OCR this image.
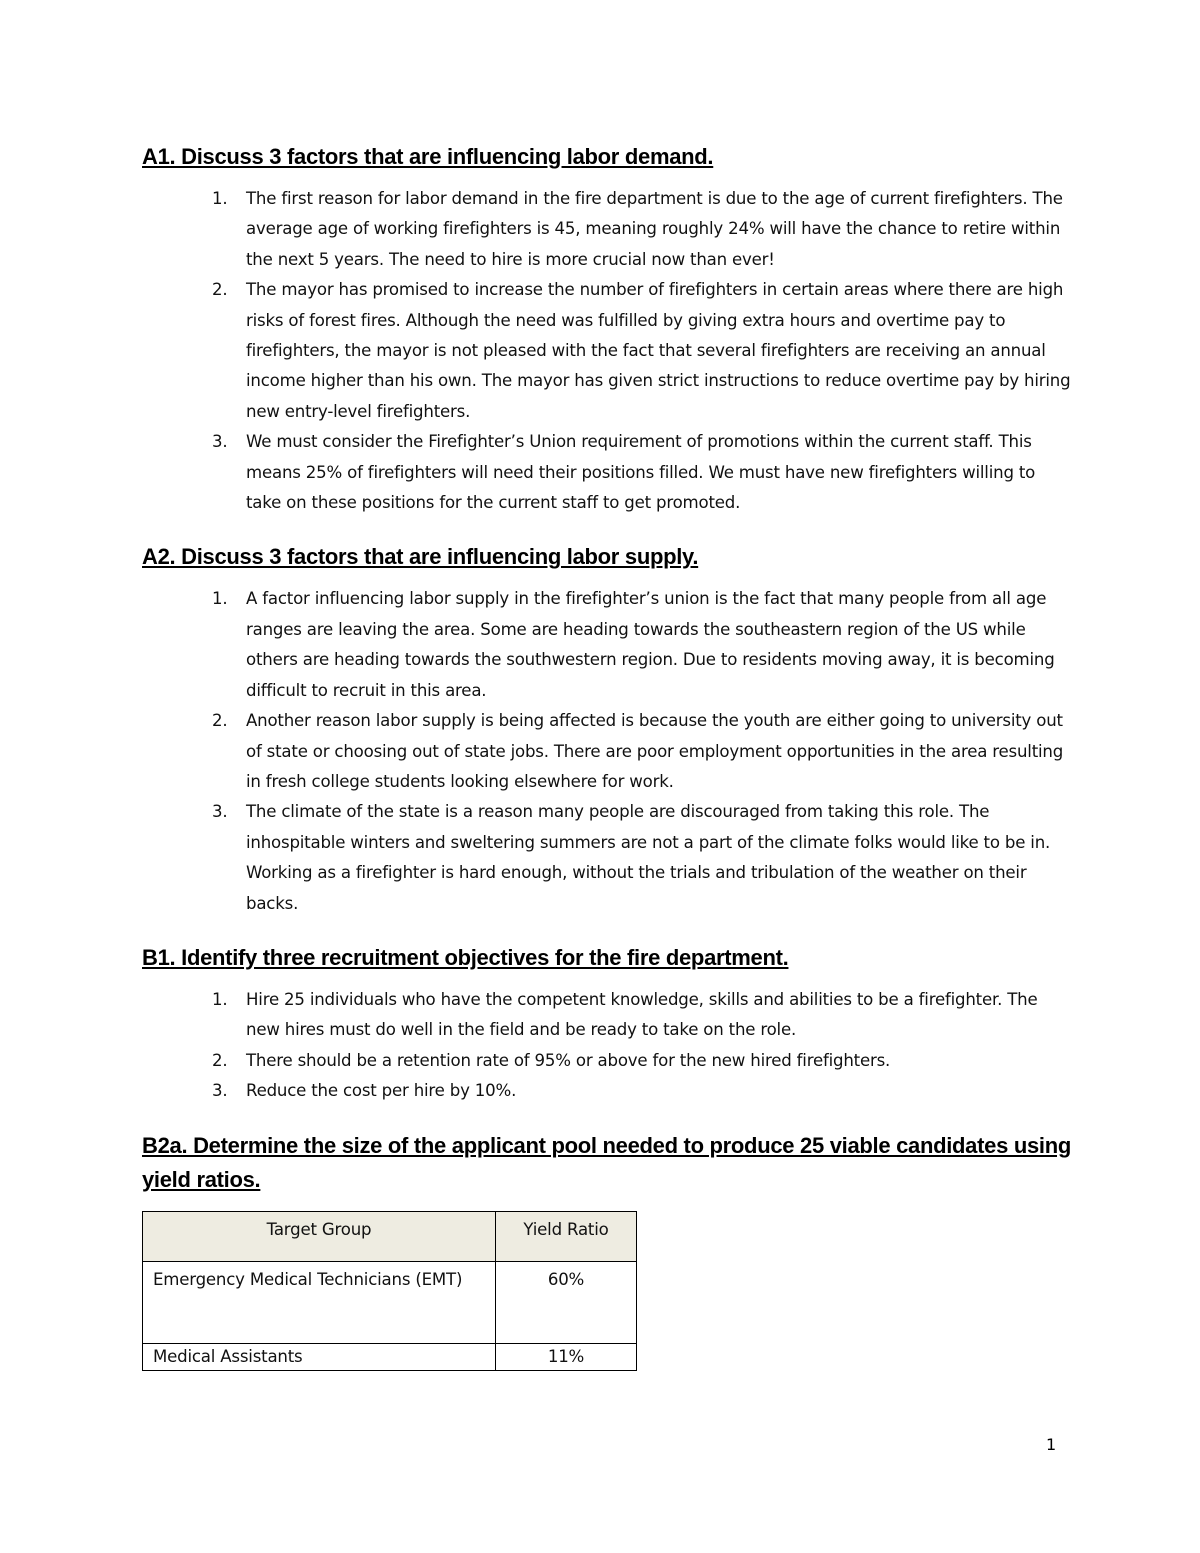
A1. Discuss 3 factors that are influencing labor demand.
1. The first reason for labor demand in the fire department is due to the age of current firefighters. The average age of working firefighters is 45, meaning roughly 24% will have the chance to retire within the next 5 years. The need to hire is more crucial now than ever!
2. The mayor has promised to increase the number of firefighters in certain areas where there are high risks of forest fires. Although the need was fulfilled by giving extra hours and overtime pay to firefighters, the mayor is not pleased with the fact that several firefighters are receiving an annual income higher than his own. The mayor has given strict instructions to reduce overtime pay by hiring new entry-level firefighters.
3. We must consider the Firefighter’s Union requirement of promotions within the current staff. This means 25% of firefighters will need their positions filled. We must have new firefighters willing to take on these positions for the current staff to get promoted.
A2. Discuss 3 factors that are influencing labor supply.
1. A factor influencing labor supply in the firefighter’s union is the fact that many people from all age ranges are leaving the area. Some are heading towards the southeastern region of the US while others are heading towards the southwestern region. Due to residents moving away, it is becoming difficult to recruit in this area.
2. Another reason labor supply is being affected is because the youth are either going to university out of state or choosing out of state jobs. There are poor employment opportunities in the area resulting in fresh college students looking elsewhere for work.
3. The climate of the state is a reason many people are discouraged from taking this role. The inhospitable winters and sweltering summers are not a part of the climate folks would like to be in. Working as a firefighter is hard enough, without the trials and tribulation of the weather on their backs.
B1. Identify three recruitment objectives for the fire department.
1. Hire 25 individuals who have the competent knowledge, skills and abilities to be a firefighter. The new hires must do well in the field and be ready to take on the role.
2. There should be a retention rate of 95% or above for the new hired firefighters.
3. Reduce the cost per hire by 10%.
B2a. Determine the size of the applicant pool needed to produce 25 viable candidates using yield ratios.
Target Group	Yield Ratio
Emergency Medical Technicians (EMT)	60%
Medical Assistants	11%
1
